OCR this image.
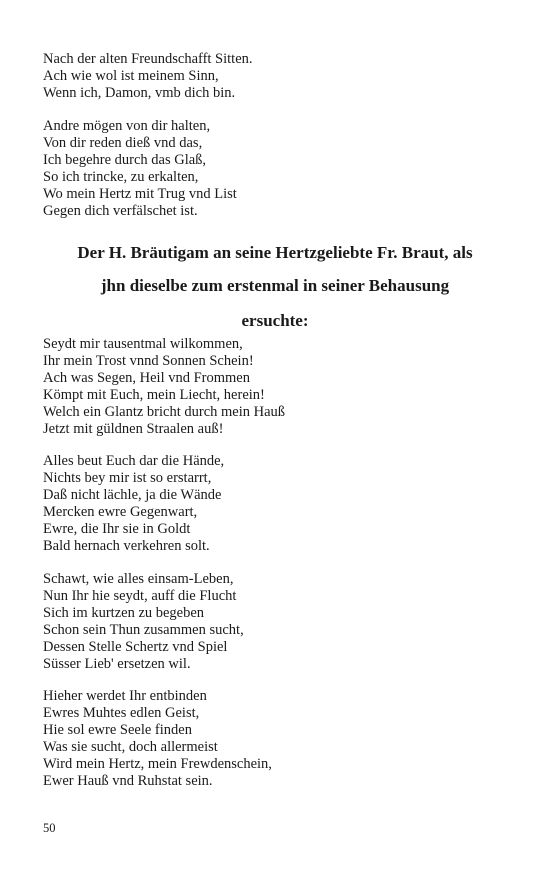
Nach der alten Freundschafft Sitten.
Ach wie wol ist meinem Sinn,
Wenn ich, Damon, vmb dich bin.
Andre mögen von dir halten,
Von dir reden dieß vnd das,
Ich begehre durch das Glaß,
So ich trincke, zu erkalten,
Wo mein Hertz mit Trug vnd List
Gegen dich verfälschet ist.
Der H. Bräutigam an seine Hertzgeliebte Fr. Braut, als
jhn dieselbe zum erstenmal in seiner Behausung
ersuchte:
Seydt mir tausentmal wilkommen,
Ihr mein Trost vnnd Sonnen Schein!
Ach was Segen, Heil vnd Frommen
Kömpt mit Euch, mein Liecht, herein!
Welch ein Glantz bricht durch mein Hauß
Jetzt mit güldnen Straalen auß!
Alles beut Euch dar die Hände,
Nichts bey mir ist so erstarrt,
Daß nicht lächle, ja die Wände
Mercken ewre Gegenwart,
Ewre, die Ihr sie in Goldt
Bald hernach verkehren solt.
Schawt, wie alles einsam-Leben,
Nun Ihr hie seydt, auff die Flucht
Sich im kurtzen zu begeben
Schon sein Thun zusammen sucht,
Dessen Stelle Schertz vnd Spiel
Süsser Lieb' ersetzen wil.
Hieher werdet Ihr entbinden
Ewres Muhtes edlen Geist,
Hie sol ewre Seele finden
Was sie sucht, doch allermeist
Wird mein Hertz, mein Frewdenschein,
Ewer Hauß vnd Ruhstat sein.
50
